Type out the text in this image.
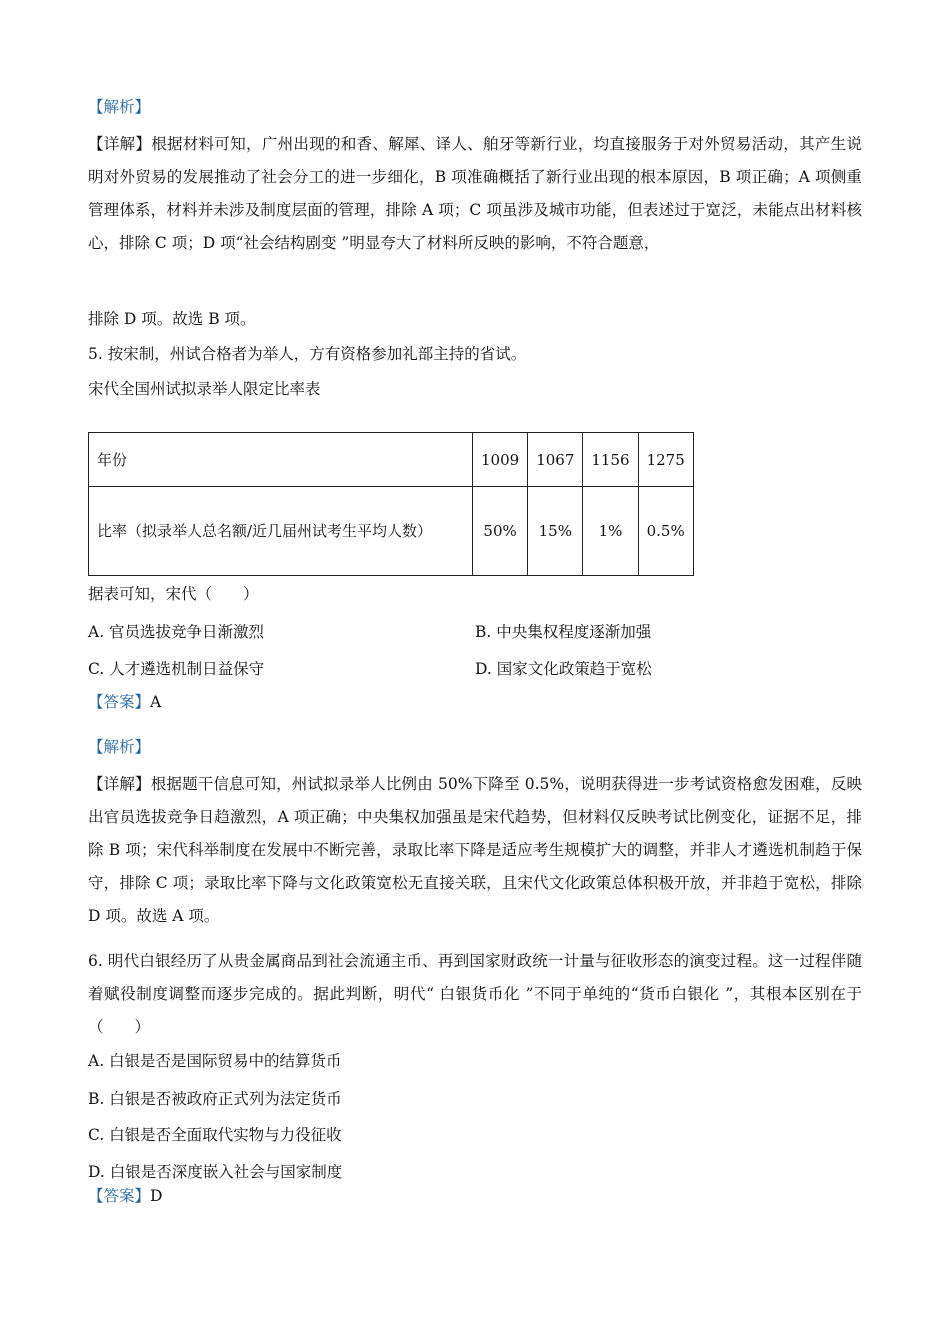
【解析】
【详解】根据材料可知，广州出现的和香、解犀、译人、舶牙等新行业，均直接服务于对外贸易活动，其产生说明对外贸易的发展推动了社会分工的进一步细化，B 项准确概括了新行业出现的根本原因，B 项正确；A 项侧重管理体系，材料并未涉及制度层面的管理，排除 A 项；C 项虽涉及城市功能，但表述过于宽泛，未能点出材料核心，排除 C 项；D 项“社会结构剧变 ”明显夸大了材料所反映的影响，不符合题意，
排除 D 项。故选 B 项。
5. 按宋制，州试合格者为举人，方有资格参加礼部主持的省试。
宋代全国州试拟录举人限定比率表
年份	1009	1067	1156	1275
比率（拟录举人总名额/近几届州试考生平均人数）	50%	15%	1%	0.5%
据表可知，宋代（　　）
A. 官员选拔竞争日渐激烈	B. 中央集权程度逐渐加强
C. 人才遴选机制日益保守	D. 国家文化政策趋于宽松
【答案】A
【解析】
【详解】根据题干信息可知，州试拟录举人比例由 50%下降至 0.5%，说明获得进一步考试资格愈发困难，反映出官员选拔竞争日趋激烈，A 项正确；中央集权加强虽是宋代趋势，但材料仅反映考试比例变化，证据不足，排除 B 项；宋代科举制度在发展中不断完善，录取比率下降是适应考生规模扩大的调整，并非人才遴选机制趋于保守，排除 C 项；录取比率下降与文化政策宽松无直接关联，且宋代文化政策总体积极开放，并非趋于宽松，排除 D 项。故选 A 项。
6. 明代白银经历了从贵金属商品到社会流通主币、再到国家财政统一计量与征收形态的演变过程。这一过程伴随着赋役制度调整而逐步完成的。据此判断，明代“ 白银货币化 ”不同于单纯的“货币白银化 ”，其根本区别在于（　　）
A. 白银是否是国际贸易中的结算货币
B. 白银是否被政府正式列为法定货币
C. 白银是否全面取代实物与力役征收
D. 白银是否深度嵌入社会与国家制度
【答案】D
